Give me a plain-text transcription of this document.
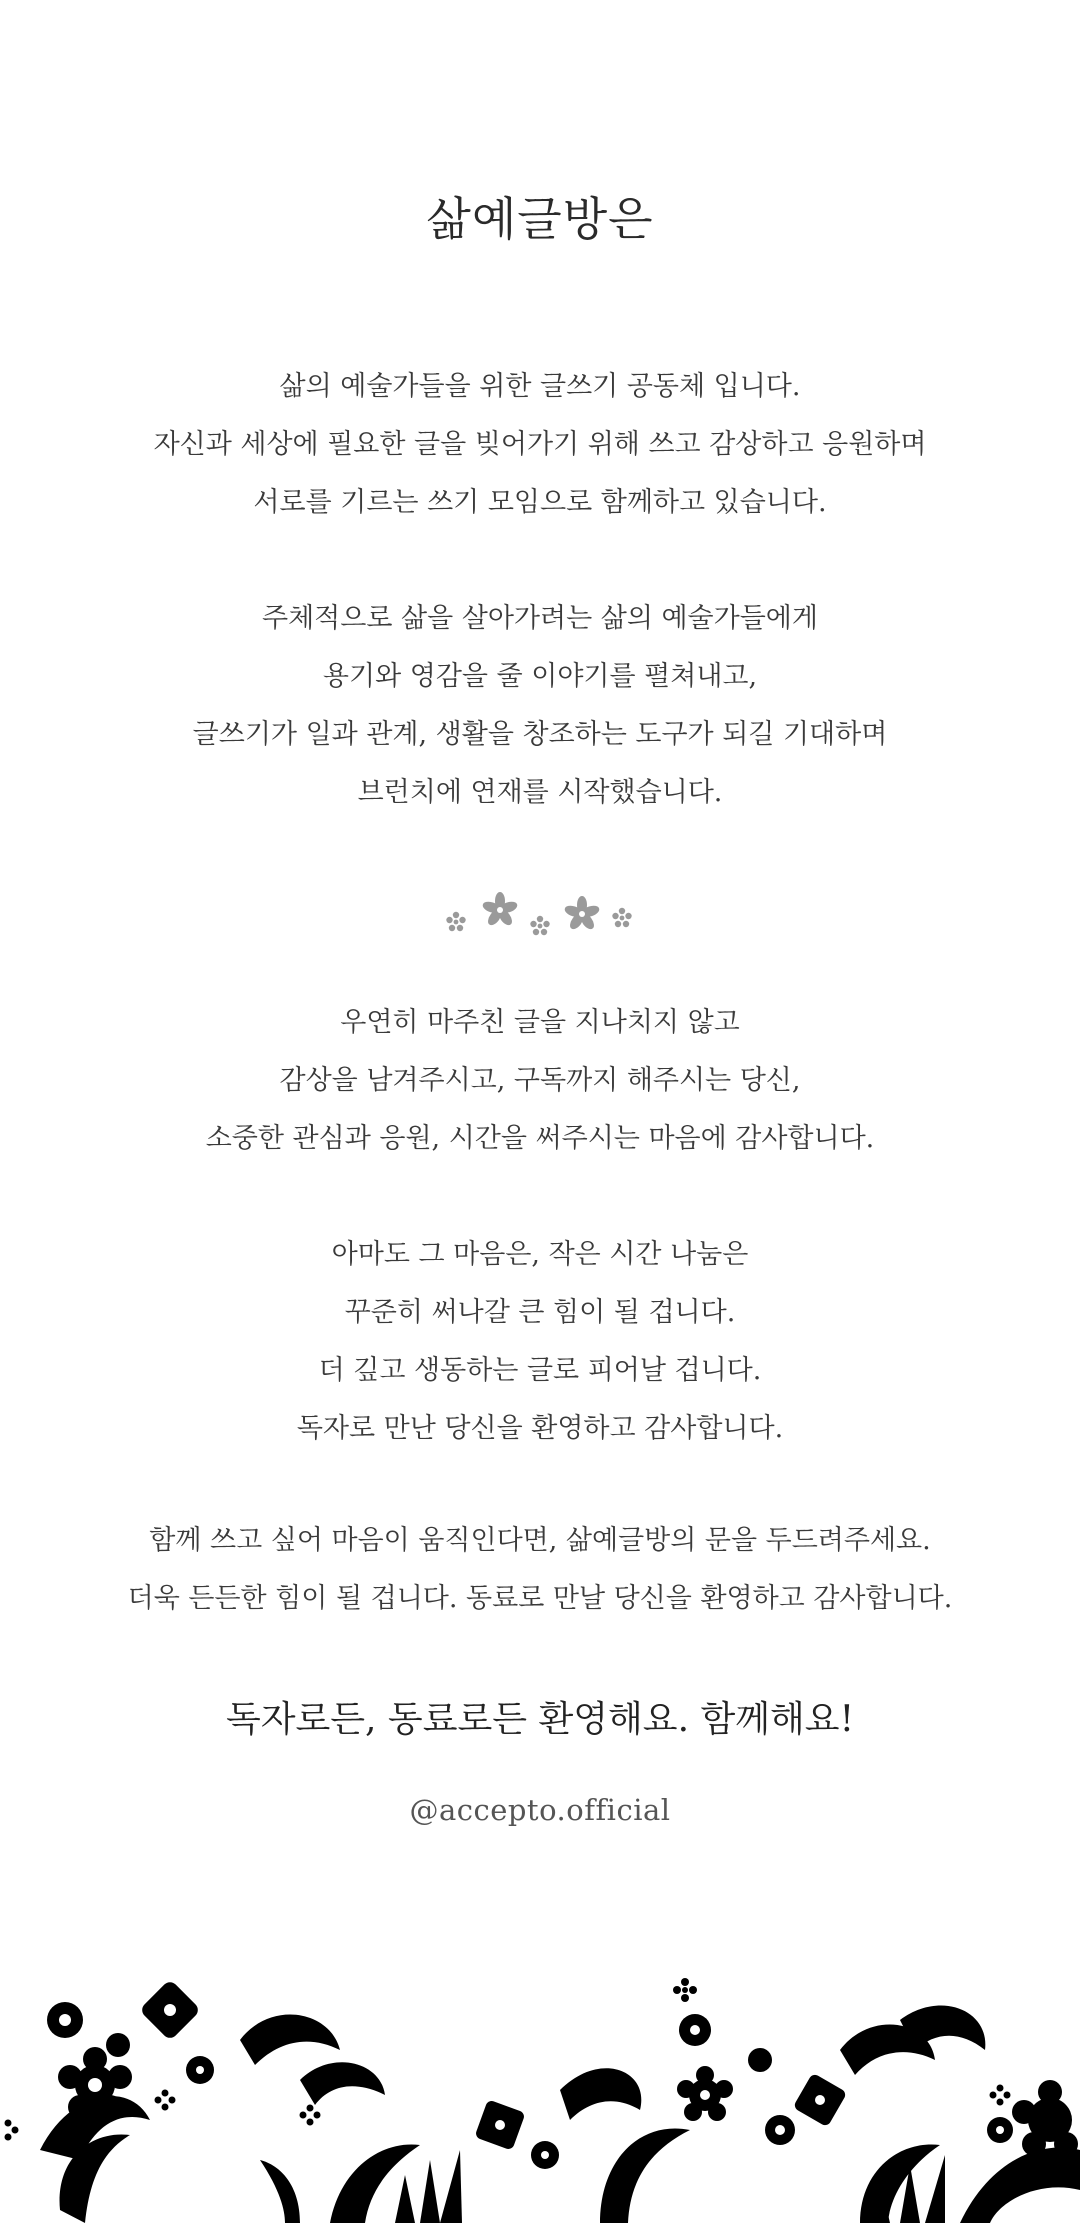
삶예글방은

삶의 예술가들을 위한 글쓰기 공동체 입니다.
자신과 세상에 필요한 글을 빚어가기 위해 쓰고 감상하고 응원하며
서로를 기르는 쓰기 모임으로 함께하고 있습니다.

주체적으로 삶을 살아가려는 삶의 예술가들에게
용기와 영감을 줄 이야기를 펼쳐내고,
글쓰기가 일과 관계, 생활을 창조하는 도구가 되길 기대하며
브런치에 연재를 시작했습니다.

우연히 마주친 글을 지나치지 않고
감상을 남겨주시고, 구독까지 해주시는 당신,
소중한 관심과 응원, 시간을 써주시는 마음에 감사합니다.

아마도 그 마음은, 작은 시간 나눔은
꾸준히 써나갈 큰 힘이 될 겁니다.
더 깊고 생동하는 글로 피어날 겁니다.
독자로 만난 당신을 환영하고 감사합니다.

함께 쓰고 싶어 마음이 움직인다면, 삶예글방의 문을 두드려주세요.
더욱 든든한 힘이 될 겁니다. 동료로 만날 당신을 환영하고 감사합니다.

독자로든, 동료로든 환영해요. 함께해요!

@accepto.official
